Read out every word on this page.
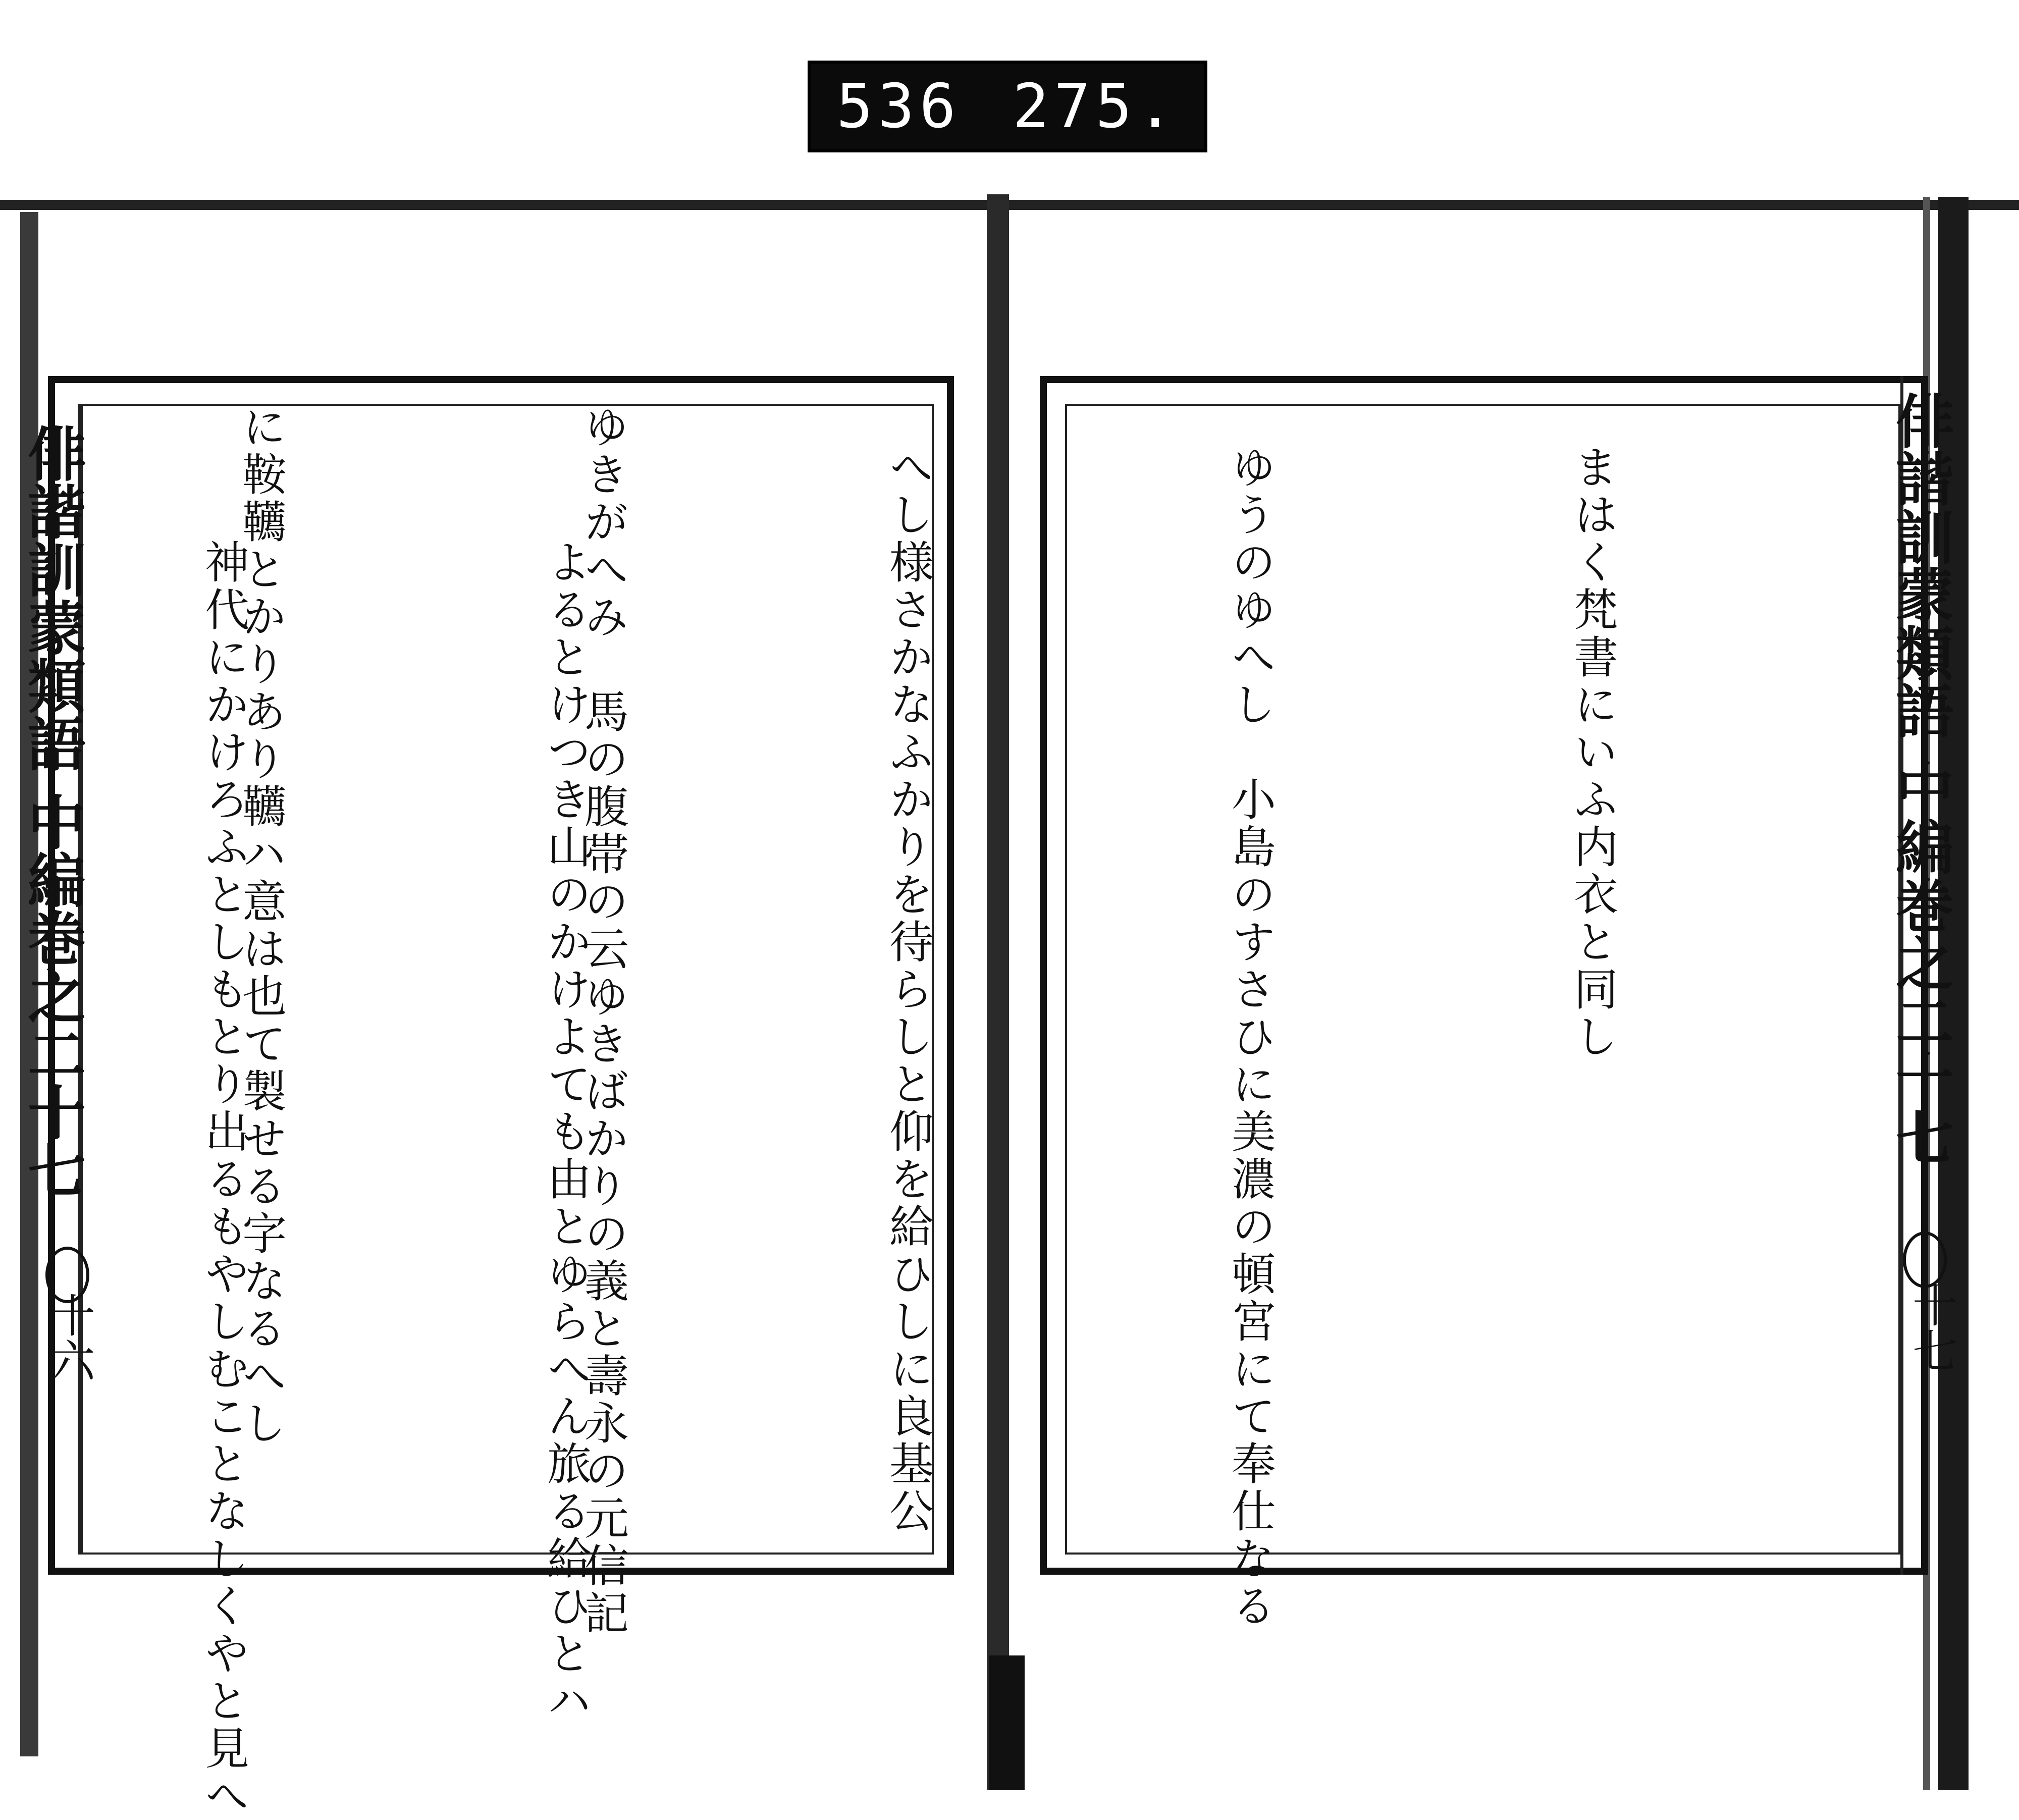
536 275.
俳諧訓蒙類語 中編巻之二十七
十六
俳諧訓蒙類語 中編巻之二十七
十七

ゆきがへみ　馬の腹帯の云ゆきばかりの義と壽永の元信記

に鞍韉とかりあり韉ハ意は也て製せる字なるへし

	まはく梵書にいふ内衣と同し

ゆうのゆへし　小島のすさひに美濃の頓宮にて奉仕なる

へし様さかなふかりを待らしと仰を給ひしに良基公

　　よるとけつき山のかけよても由とゆらへん旅る給ひとハ

　　神代にかけろふとしもとり出るもやしむことなしくやと見へ
